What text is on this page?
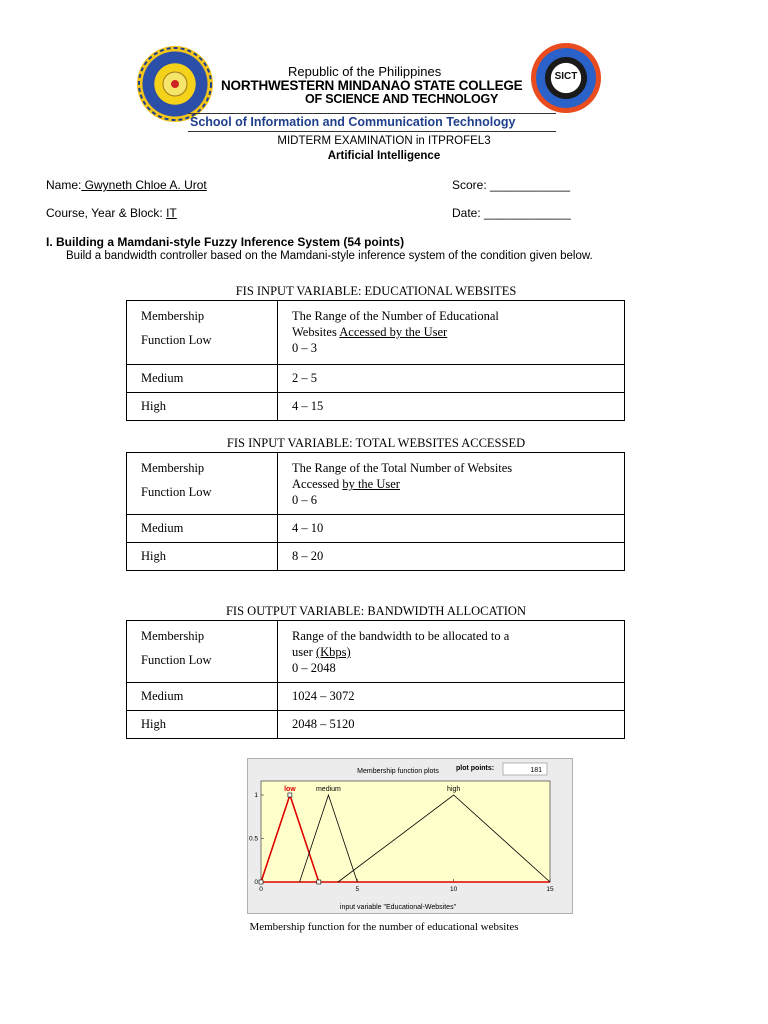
Republic of the Philippines
NORTHWESTERN MINDANAO STATE COLLEGE
OF SCIENCE AND TECHNOLOGY
SICT
School of Information and Communication Technology
MIDTERM EXAMINATION in ITPROFEL3
Artificial Intelligence
Name: Gwyneth Chloe A. Urot	Score: ____________
Course, Year & Block: IT	Date: _____________
I. Building a Mamdani-style Fuzzy Inference System (54 points)
Build a bandwidth controller based on the Mamdani-style inference system of the condition given below.
FIS INPUT VARIABLE: EDUCATIONAL WEBSITES
Membership
Function Low	The Range of the Number of Educational
Websites Accessed by the User
0 – 3

Medium	2 – 5
High	4 – 15
FIS INPUT VARIABLE: TOTAL WEBSITES ACCESSED
Membership
Function Low	The Range of the Total Number of Websites
Accessed by the User
0 – 6

Medium	4 – 10
High	8 – 20
FIS OUTPUT VARIABLE: BANDWIDTH ALLOCATION
Membership
Function Low	Range of the bandwidth to be allocated to a
user (Kbps)
0 – 2048

Medium	1024 – 3072
High	2048 – 5120
Membership function plots plot points:	181
0	5	10	15
0
0.5
1
low	medium	high
input variable "Educational-Websites"
Membership function for the number of educational websites
